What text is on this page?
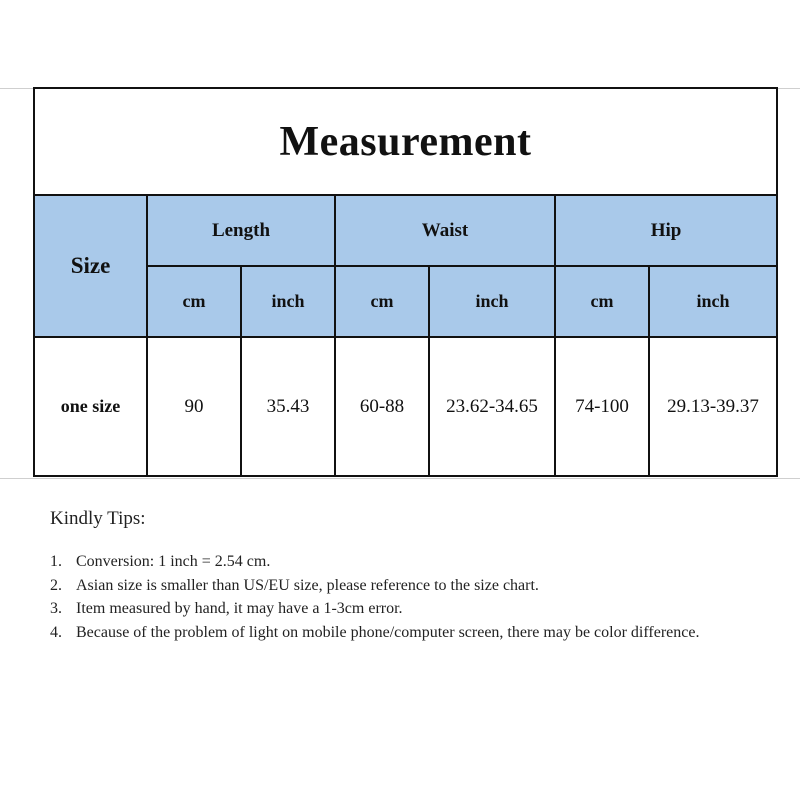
Measurement						
Size	Length		Waist		Hip	
	cm	inch	cm	inch	cm	inch
one size	90	35.43	60-88	23.62-34.65	74-100	29.13-39.37
Kindly Tips:
1. Conversion: 1 inch = 2.54 cm.
2. Asian size is smaller than US/EU size, please reference to the size chart.
3. Item measured by hand, it may have a 1-3cm error.
4. Because of the problem of light on mobile phone/computer screen, there may be color difference.
